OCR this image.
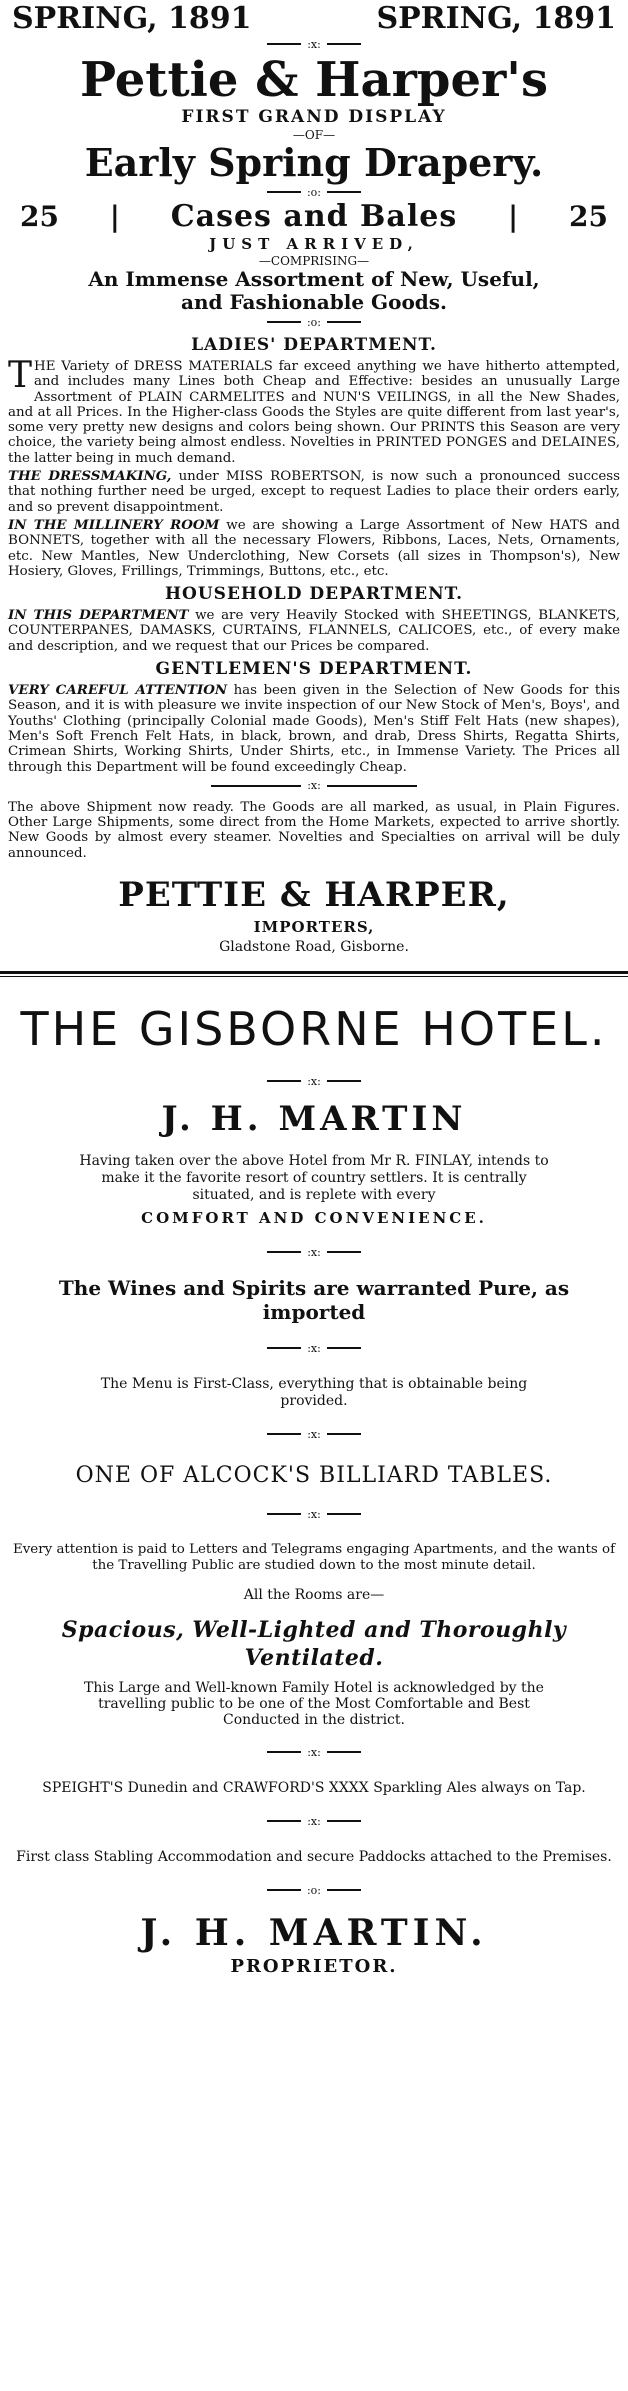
SPRING, 1891	SPRING, 1891
:x:
Pettie & Harper's
FIRST GRAND DISPLAY
—OF—
Early Spring Drapery.
:o:
25 | Cases and Bales | 25
JUST ARRIVED,
—COMPRISING—
An Immense Assortment of New, Useful, and Fashionable Goods.
:o:
LADIES' DEPARTMENT.
THE Variety of DRESS MATERIALS far exceed anything we have hitherto attempted, and includes many Lines both Cheap and Effective: besides an unusually Large Assortment of PLAIN CARMELITES and NUN'S VEILINGS, in all the New Shades, and at all Prices. In the Higher-class Goods the Styles are quite different from last year's, some very pretty new designs and colors being shown. Our PRINTS this Season are very choice, the variety being almost endless. Novelties in PRINTED PONGES and DELAINES, the latter being in much demand.
THE DRESSMAKING, under MISS ROBERTSON, is now such a pronounced success that nothing further need be urged, except to request Ladies to place their orders early, and so prevent disappointment.
IN THE MILLINERY ROOM we are showing a Large Assortment of New HATS and BONNETS, together with all the necessary Flowers, Ribbons, Laces, Nets, Ornaments, etc. New Mantles, New Underclothing, New Corsets (all sizes in Thompson's), New Hosiery, Gloves, Frillings, Trimmings, Buttons, etc., etc.
HOUSEHOLD DEPARTMENT.
IN THIS DEPARTMENT we are very Heavily Stocked with SHEETINGS, BLANKETS, COUNTERPANES, DAMASKS, CURTAINS, FLANNELS, CALICOES, etc., of every make and description, and we request that our Prices be compared.
GENTLEMEN'S DEPARTMENT.
VERY CAREFUL ATTENTION has been given in the Selection of New Goods for this Season, and it is with pleasure we invite inspection of our New Stock of Men's, Boys', and Youths' Clothing (principally Colonial made Goods), Men's Stiff Felt Hats (new shapes), Men's Soft French Felt Hats, in black, brown, and drab, Dress Shirts, Regatta Shirts, Crimean Shirts, Working Shirts, Under Shirts, etc., in Immense Variety. The Prices all through this Department will be found exceedingly Cheap.
:x:
The above Shipment now ready. The Goods are all marked, as usual, in Plain Figures. Other Large Shipments, some direct from the Home Markets, expected to arrive shortly. New Goods by almost every steamer. Novelties and Specialties on arrival will be duly announced.
PETTIE & HARPER,
IMPORTERS,
Gladstone Road, Gisborne.
THE GISBORNE HOTEL.
:x:
J. H. MARTIN
Having taken over the above Hotel from Mr R. FINLAY, intends to make it the favorite resort of country settlers. It is centrally situated, and is replete with every
COMFORT AND CONVENIENCE.
:x:
The Wines and Spirits are warranted Pure, as imported
:x:
The Menu is First-Class, everything that is obtainable being provided.
:x:
ONE OF ALCOCK'S BILLIARD TABLES.
:x:
Every attention is paid to Letters and Telegrams engaging Apartments, and the wants of the Travelling Public are studied down to the most minute detail.
All the Rooms are—
Spacious, Well-Lighted and Thoroughly Ventilated.
This Large and Well-known Family Hotel is acknowledged by the travelling public to be one of the Most Comfortable and Best Conducted in the district.
:x:
SPEIGHT'S Dunedin and CRAWFORD'S XXXX Sparkling Ales always on Tap.
:x:
First class Stabling Accommodation and secure Paddocks attached to the Premises.
:o:
J. H. MARTIN.
PROPRIETOR.
